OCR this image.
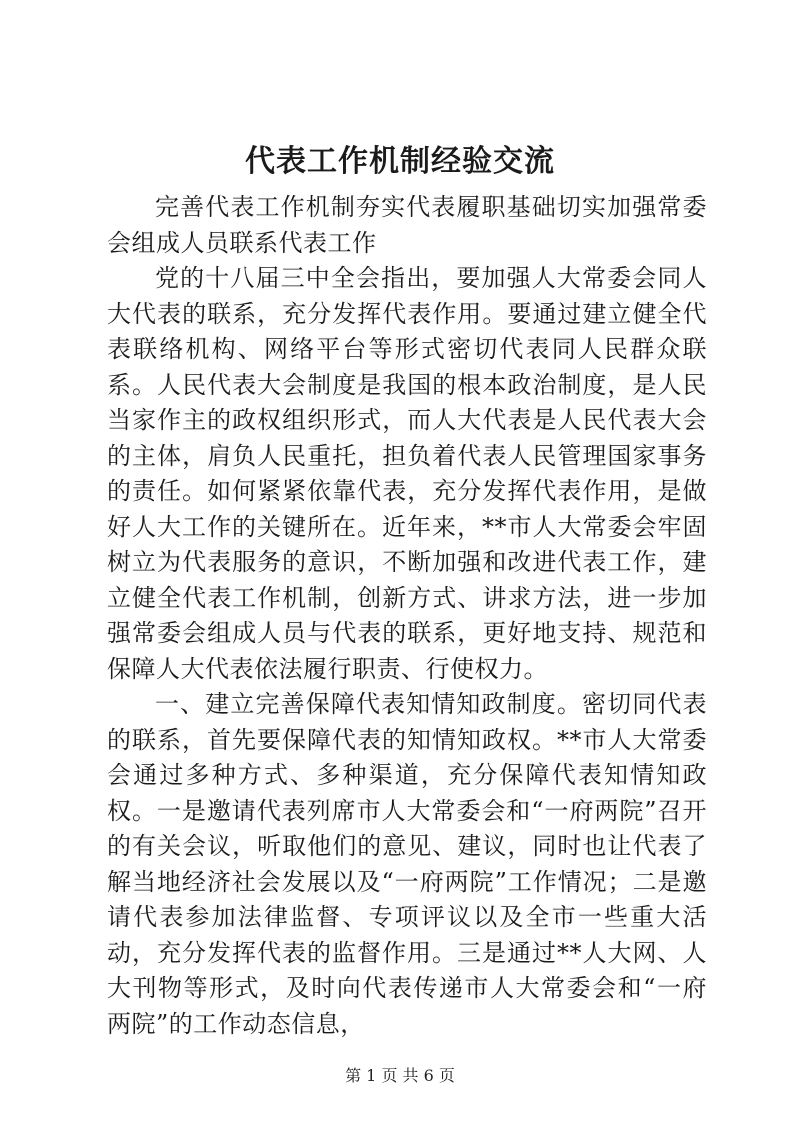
代表工作机制经验交流

完善代表工作机制夯实代表履职基础切实加强常委会组成人员联系代表工作

党的十八届三中全会指出，要加强人大常委会同人大代表的联系，充分发挥代表作用。要通过建立健全代表联络机构、网络平台等形式密切代表同人民群众联系。人民代表大会制度是我国的根本政治制度，是人民当家作主的政权组织形式，而人大代表是人民代表大会的主体，肩负人民重托，担负着代表人民管理国家事务的责任。如何紧紧依靠代表，充分发挥代表作用，是做好人大工作的关键所在。近年来，**市人大常委会牢固树立为代表服务的意识，不断加强和改进代表工作，建立健全代表工作机制，创新方式、讲求方法，进一步加强常委会组成人员与代表的联系，更好地支持、规范和保障人大代表依法履行职责、行使权力。

一、建立完善保障代表知情知政制度。密切同代表的联系，首先要保障代表的知情知政权。**市人大常委会通过多种方式、多种渠道，充分保障代表知情知政权。一是邀请代表列席市人大常委会和“一府两院”召开的有关会议，听取他们的意见、建议，同时也让代表了解当地经济社会发展以及“一府两院”工作情况；二是邀请代表参加法律监督、专项评议以及全市一些重大活动，充分发挥代表的监督作用。三是通过**人大网、人大刊物等形式，及时向代表传递市人大常委会和“一府两院”的工作动态信息，

第 1 页 共 6 页
